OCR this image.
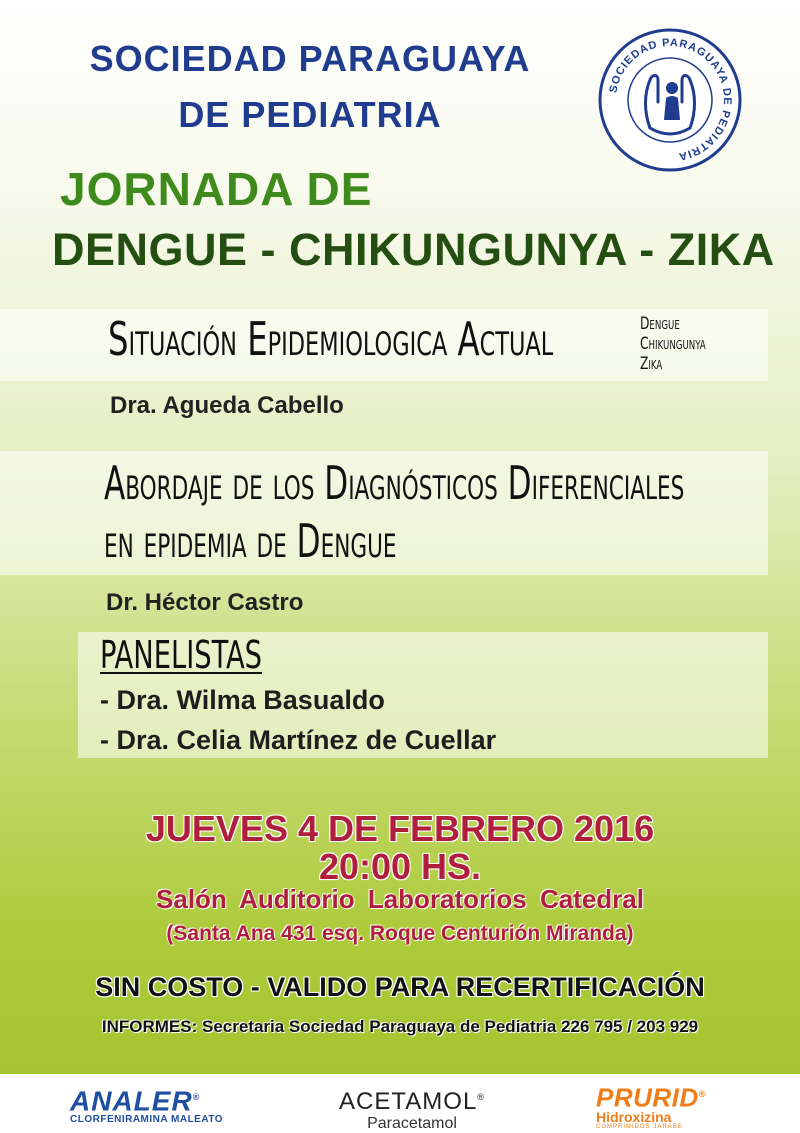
SOCIEDAD PARAGUAYA
DE PEDIATRIA
SOCIEDAD PARAGUAYA DE PEDIATRIA
JORNADA DE
DENGUE - CHIKUNGUNYA - ZIKA
Situación Epidemiologica Actual	Dengue
Chikungunya
Zika
Dra. Agueda Cabello
Abordaje de los Diagnósticos Diferenciales
en epidemia de Dengue
Dr. Héctor Castro
PANELISTAS
- Dra. Wilma Basualdo
- Dra. Celia Martínez de Cuellar
JUEVES 4 DE FEBRERO 2016
20:00 HS.
Salón Auditorio Laboratorios Catedral
(Santa Ana 431 esq. Roque Centurión Miranda)
SIN COSTO - VALIDO PARA RECERTIFICACIÓN
INFORMES: Secretaria Sociedad Paraguaya de Pediatria 226 795 / 203 929
ANALER®
CLORFENIRAMINA MALEATO
ACETAMOL®
Paracetamol
PRURID®
Hidroxizina
COMPRIMIDOS JARABE
